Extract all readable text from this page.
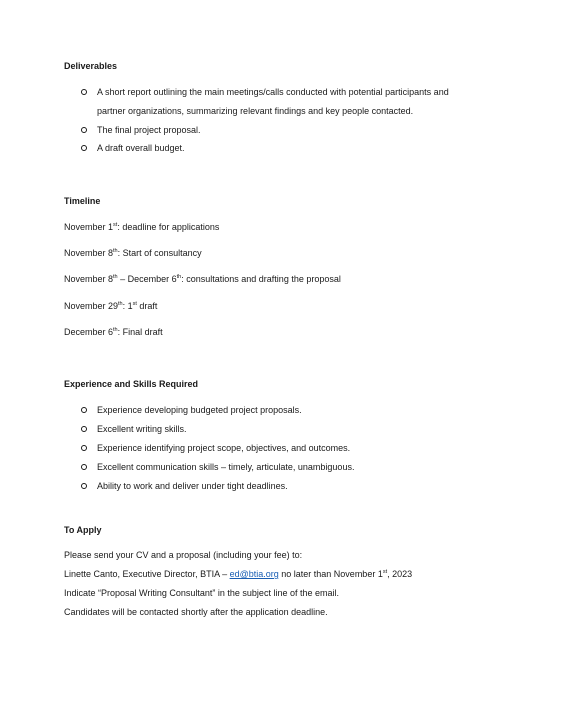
Deliverables
A short report outlining the main meetings/calls conducted with potential participants and
partner organizations, summarizing relevant findings and key people contacted.
The final project proposal.
A draft overall budget.
Timeline
November 1st: deadline for applications
November 8th: Start of consultancy
November 8th – December 6th: consultations and drafting the proposal
November 29th: 1st draft
December 6th: Final draft
Experience and Skills Required
Experience developing budgeted project proposals.
Excellent writing skills.
Experience identifying project scope, objectives, and outcomes.
Excellent communication skills – timely, articulate, unambiguous.
Ability to work and deliver under tight deadlines.
To Apply
Please send your CV and a proposal (including your fee) to:
Linette Canto, Executive Director, BTIA – ed@btia.org no later than November 1st, 2023
Indicate “Proposal Writing Consultant” in the subject line of the email.
Candidates will be contacted shortly after the application deadline.
